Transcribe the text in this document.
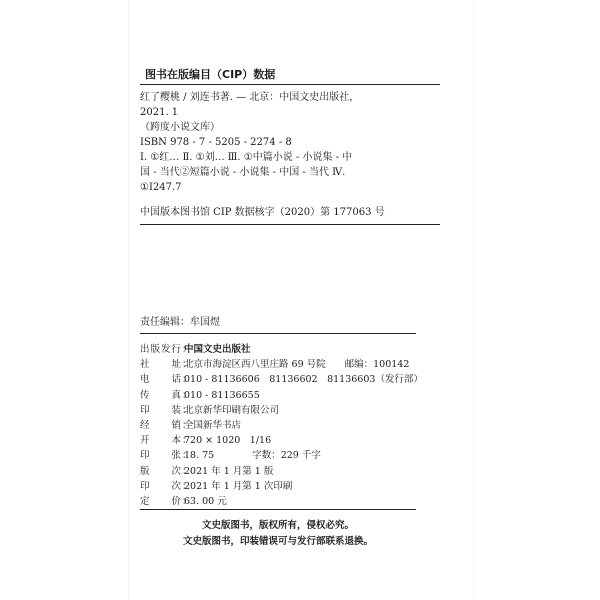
图书在版编目（CIP）数据
红了樱桃 / 刘连书著. — 北京：中国文史出版社，
2021. 1
（跨度小说文库）
ISBN 978 - 7 - 5205 - 2274 - 8
Ⅰ. ①红… Ⅱ. ①刘… Ⅲ. ①中篇小说 - 小说集 - 中
国 - 当代②短篇小说 - 小说集 - 中国 - 当代 Ⅳ.
①I247.7
中国版本图书馆 CIP 数据核字（2020）第 177063 号
责任编辑：牟国煜
出版发行：
中国文史出版社
社　　址：
北京市海淀区西八里庄路 69 号院　　邮编：100142
电　　话：
010 - 81136606　81136602　81136603（发行部）
传　　真：
010 - 81136655
印　　装：
北京新华印刷有限公司
经　　销：
全国新华书店
开　　本：
720 × 1020　1/16
印　　张：
18. 75　　　　字数：229 千字
版　　次：
2021 年 1 月第 1 版
印　　次：
2021 年 1 月第 1 次印刷
定　　价：
63. 00 元
文史版图书，版权所有，侵权必究。
文史版图书，印装错误可与发行部联系退换。
